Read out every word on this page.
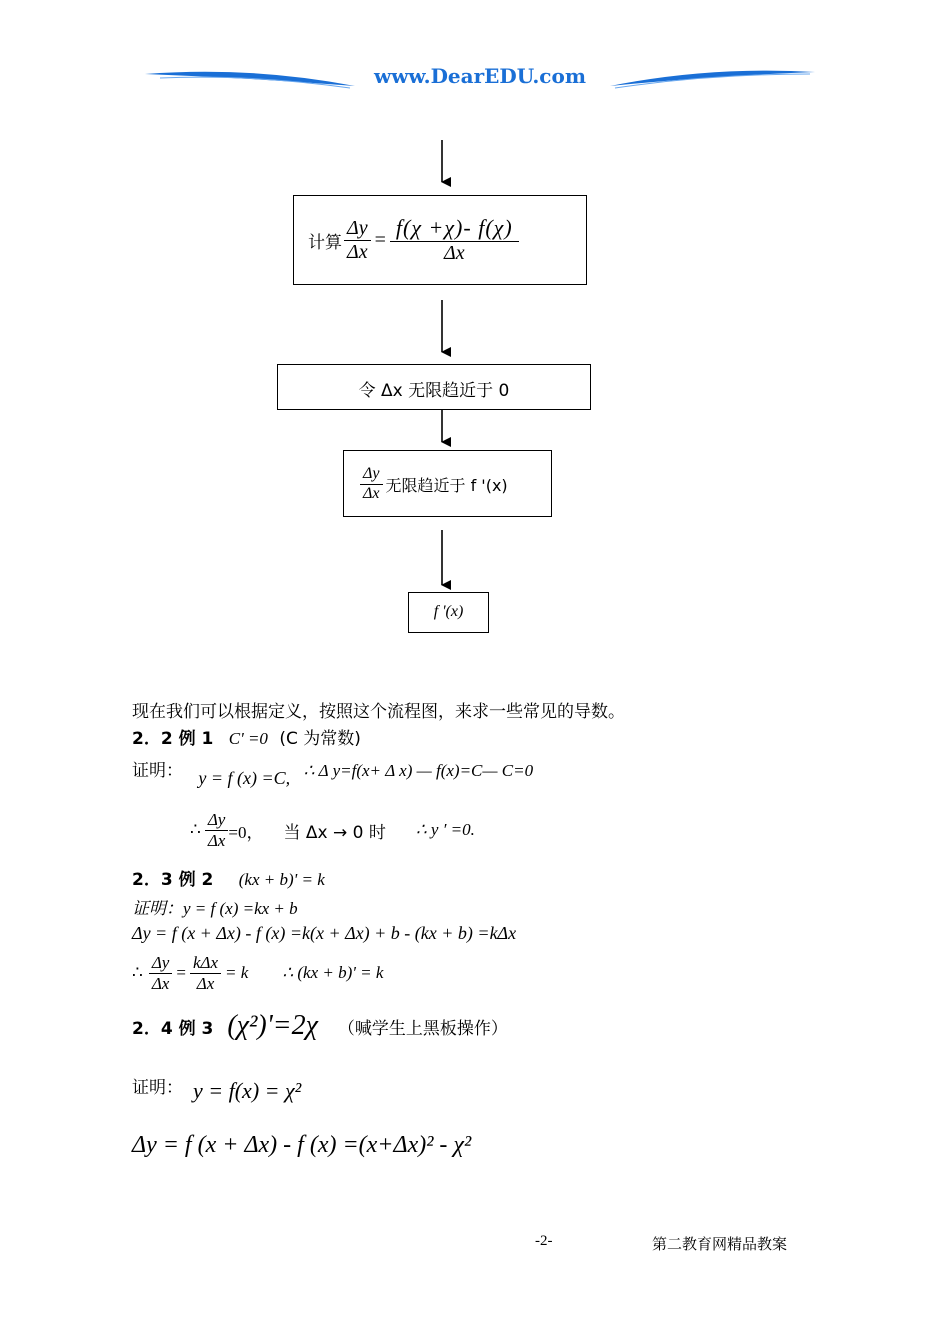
www.DearEDU.com
计算 $\frac{\Delta y}{\Delta x} = \frac{f(\chi +\chi)- f(\chi)}{\Delta x}$
令 Δx 无限趋近于 0
$\frac{\Delta y}{\Delta x}$ 无限趋近于 f '(x)
f '(x)
现在我们可以根据定义，按照这个流程图，来求一些常见的导数。
2．2 例 1 C' =0 (C 为常数)
证明： y = f (x) =C, ∴ Δ y=f(x+ Δ x) — f(x)=C— C=0
∴ $\frac{\Delta y}{\Delta x} =0$， 当 Δx → 0 时 ∴ y ′ =0.
2．3 例 2 (kx + b)' = k
证明：y = f (x) =kx + b
Δy = f (x + Δx) - f (x) =k(x + Δx) + b - (kx + b) =kΔx
∴ $\frac{\Delta y}{\Delta x} = \frac{\text{kΔx}}{\Delta x} = k$ ∴ (kx + b)' = k
2．4 例 3 (χ²)'=2χ （喊学生上黑板操作）
证明： y = f(x) = χ²
Δy = f (x + Δx) - f (x) =(x+Δx)² - χ²
-2-	第二教育网精品教案
